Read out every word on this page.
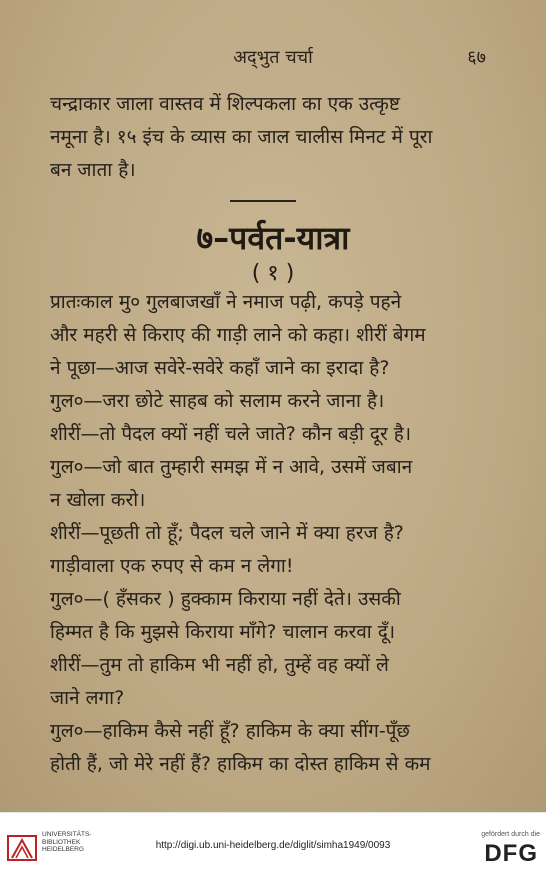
अद्‌भुत चर्चा	६७
चन्द्राकार जाला वास्तव में शिल्पकला का एक उत्कृष्ट
नमूना है। १५ इंच के व्यास का जाल चालीस मिनट में पूरा
बन जाता है।
७–पर्वत-यात्रा
( १ )
प्रातःकाल मु० गुलबाजखाँ ने नमाज पढ़ी, कपड़े पहने
और महरी से किराए की गाड़ी लाने को कहा। शीरीं बेगम
ने पूछा—आज सवेरे-सवेरे कहाँ जाने का इरादा है?
गुल०—जरा छोटे साहब को सलाम करने जाना है।
शीरीं—तो पैदल क्यों नहीं चले जाते? कौन बड़ी दूर है।
गुल०—जो बात तुम्हारी समझ में न आवे, उसमें जबान
न खोला करो।
शीरीं—पूछती तो हूँ; पैदल चले जाने में क्या हरज है?
गाड़ीवाला एक रुपए से कम न लेगा!
गुल०—( हँसकर ) हुक्काम किराया नहीं देते। उसकी
हिम्मत है कि मुझसे किराया माँगे? चालान करवा दूँ।
शीरीं—तुम तो हाकिम भी नहीं हो, तुम्हें वह क्यों ले
जाने लगा?
गुल०—हाकिम कैसे नहीं हूँ? हाकिम के क्या सींग-पूँछ
होती हैं, जो मेरे नहीं हैं? हाकिम का दोस्त हाकिम से कम
UNIVERSITÄTS-
BIBLIOTHEK
HEIDELBERG	http://digi.ub.uni-heidelberg.de/diglit/simha1949/0093
gefördert durch die
DFG
